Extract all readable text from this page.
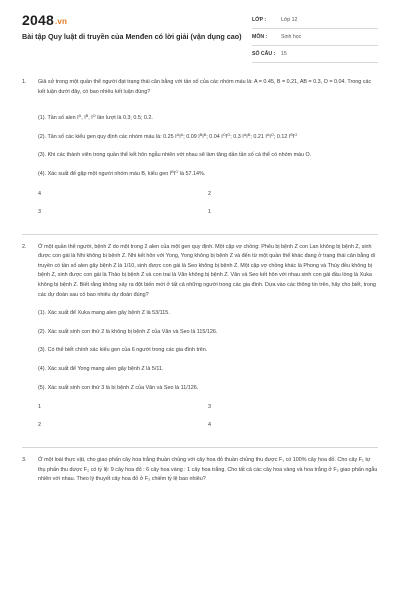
2048.vn
Bài tập Quy luật di truyền của Menđen có lời giải (vận dụng cao)
LỚP :	Lớp 12
MÔN :	Sinh học
SỐ CÂU :	15
1. Giả sử trong một quần thể người đạt trạng thái cân bằng với tần số của các nhóm máu là: A = 0.45, B = 0.21, AB = 0.3, O = 0.04. Trong các kết luận dưới đây, có bao nhiêu kết luận đúng?
(1). Tần số alen $I^A$, $I^B$, $I^O$ lần lượt là 0.3; 0.5; 0.2.
(2). Tần số các kiểu gen quy định các nhóm máu là: 0.25 $I^AI^A$; 0.09 $I^BI^B$; 0.04 $I^OI^O$; 0.3 $I^AI^B$; 0.21 $I^AI^O$; 0.12 $I^BI^O$
(3). Khi các thành viên trong quần thể kết hôn ngẫu nhiên với nhau sẽ làm tăng dần tần số cá thể có nhóm máu O.
(4). Xác suất để gặp một người nhóm máu B, kiểu gen $I^BI^O$ là 57.14%.
4	2
3	1
2. Ở một quần thể người, bệnh Z do một trong 2 alen của một gen quy định. Một cặp vợ chồng: Phêu bị bệnh Z con Lan không bị bệnh Z, sinh được con gái là Nhi không bị bệnh Z. Nhi kết hôn với Yong, Yong không bị bệnh Z và đến từ một quần thể khác đang ở trạng thái cân bằng di truyền có tần số alen gây bệnh Z là 1/10, sinh được con gái là Seo không bị bệnh Z. Một cặp vợ chồng khác là Phong và Thúy đều không bị bệnh Z, sinh được con gái là Thảo bị bệnh Z và con trai là Văn không bị bệnh Z. Văn và Seo kết hôn với nhau sinh con gái đầu lòng là Xuka không bị bệnh Z. Biết rằng không xảy ra đột biến mới ở tất cả những người trong các gia đình. Dựa vào các thông tin trên, hãy cho biết, trong các dự đoán sau có bao nhiêu dự đoán đúng?
(1). Xác suất để Xuka mang alen gây bệnh Z là 53/115.
(2). Xác suất sinh con thứ 2 là không bị bệnh Z của Văn và Seo là 115/126.
(3). Có thể biết chính xác kiểu gen của 6 người trong các gia đình trên.
(4). Xác suất để Yong mang alen gây bệnh Z là 5/11.
(5). Xác suất sinh con thứ 3 là bị bệnh Z của Văn và Seo là 11/126.
1	3
2	4
3. Ở một loài thực vật, cho giao phấn cây hoa trắng thuần chủng với cây hoa đỏ thuần chủng thu được F₁ có 100% cây hoa đỏ. Cho cây F₁ tự thụ phấn thu được F₂ có tỷ lệ: 9 cây hoa đỏ : 6 cây hoa vàng : 1 cây hoa trắng. Cho tất cả các cây hoa vàng và hoa trắng ở F₂ giao phấn ngẫu nhiên với nhau. Theo lý thuyết cây hoa đỏ ở F₃ chiếm tỷ lệ bao nhiêu?
